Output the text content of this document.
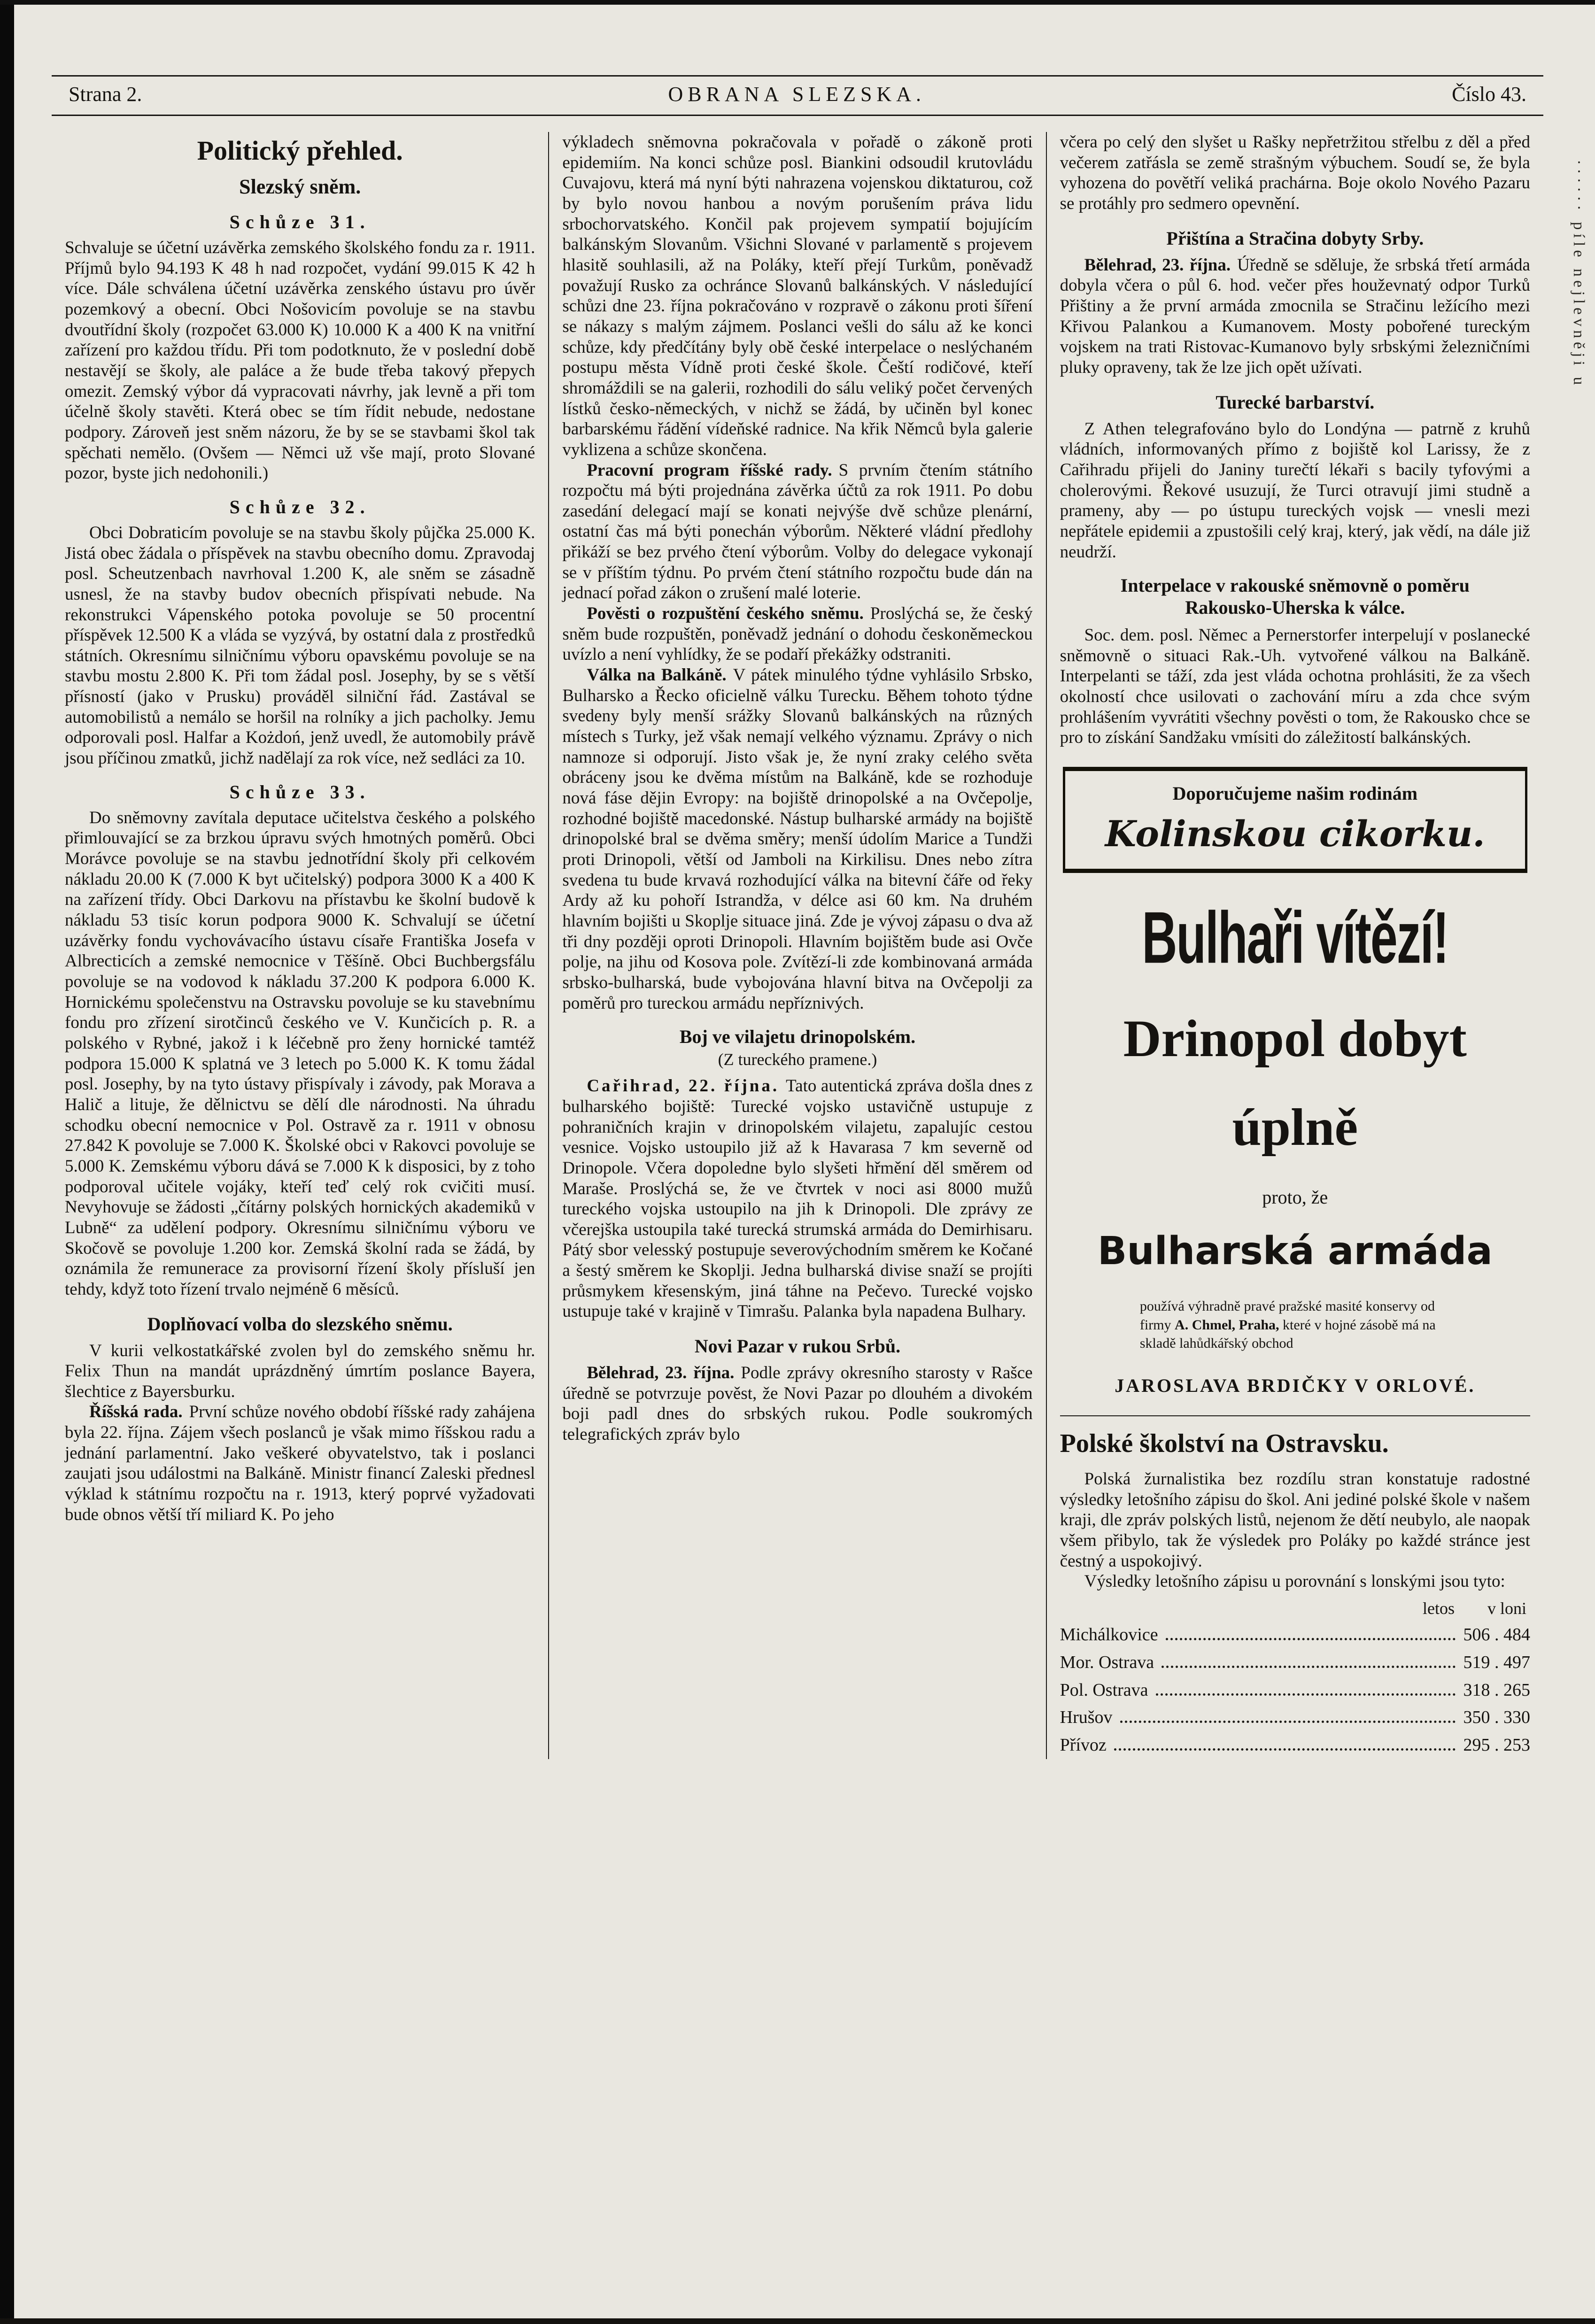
······ píle nejlevněji u
Strana 2.	OBRANA SLEZSKA.	Číslo 43.
Politický přehled.
Slezský sněm.
Schůze 31.

Schvaluje se účetní uzávěrka zemského školského fondu za r. 1911. Příjmů bylo 94.193 K 48 h nad rozpočet, vydání 99.015 K 42 h více. Dále schválena účetní uzávěrka zenského ústavu pro úvěr pozemkový a obecní. Obci Nošovicím povoluje se na stavbu dvoutřídní školy (rozpočet 63.000 K) 10.000 K a 400 K na vnitřní zařízení pro každou třídu. Při tom podotknuto, že v poslední době nestavějí se školy, ale paláce a že bude třeba takový přepych omezit. Zemský výbor dá vypracovati návrhy, jak levně a při tom účelně školy stavěti. Která obec se tím řídit nebude, nedostane podpory. Zároveň jest sněm názoru, že by se se stavbami škol tak spěchati nemělo. (Ovšem — Němci už vše mají, proto Slované pozor, byste jich nedohonili.)

Schůze 32.

Obci Dobraticím povoluje se na stavbu školy půjčka 25.000 K. Jistá obec žádala o příspěvek na stavbu obecního domu. Zpravodaj posl. Scheutzenbach navrhoval 1.200 K, ale sněm se zásadně usnesl, že na stavby budov obecních přispívati nebude. Na rekonstrukci Vápenského potoka povoluje se 50 procentní příspěvek 12.500 K a vláda se vyzývá, by ostatní dala z prostředků státních. Okresnímu silničnímu výboru opavskému povoluje se na stavbu mostu 2.800 K. Při tom žádal posl. Josephy, by se s větší přísností (jako v Prusku) prováděl silniční řád. Zastával se automobilistů a nemálo se horšil na rolníky a jich pacholky. Jemu odporovali posl. Halfar a Kożdoń, jenž uvedl, že automobily právě jsou příčinou zmatků, jichž nadělají za rok více, než sedláci za 10.

Schůze 33.

Do sněmovny zavítala deputace učitelstva českého a polského přimlouvající se za brzkou úpravu svých hmotných poměrů. Obci Morávce povoluje se na stavbu jednotřídní školy při celkovém nákladu 20.00 K (7.000 K byt učitelský) podpora 3000 K a 400 K na zařízení třídy. Obci Darkovu na přístavbu ke školní budově k nákladu 53 tisíc korun podpora 9000 K. Schvalují se účetní uzávěrky fondu vychovávacího ústavu císaře Františka Josefa v Albrecticích a zemské nemocnice v Těšíně. Obci Buchbergsfálu povoluje se na vodovod k nákladu 37.200 K podpora 6.000 K. Hornickému společenstvu na Ostravsku povoluje se ku stavebnímu fondu pro zřízení sirotčinců českého ve V. Kunčicích p. R. a polského v Rybné, jakož i k léčebně pro ženy hornické tamtéž podpora 15.000 K splatná ve 3 letech po 5.000 K. K tomu žádal posl. Josephy, by na tyto ústavy přispívaly i závody, pak Morava a Halič a lituje, že dělnictvu se dělí dle národnosti. Na úhradu schodku obecní nemocnice v Pol. Ostravě za r. 1911 v obnosu 27.842 K povoluje se 7.000 K. Školské obci v Rakovci povoluje se 5.000 K. Zemskému výboru dává se 7.000 K k disposici, by z toho podporoval učitele vojáky, kteří teď celý rok cvičiti musí. Nevyhovuje se žádosti „čítárny polských hornických akademiků v Lubně“ za udělení podpory. Okresnímu silničnímu výboru ve Skočově se povoluje 1.200 kor. Zemská školní rada se žádá, by oznámila že remunerace za provisorní řízení školy přísluší jen tehdy, když toto řízení trvalo nejméně 6 měsíců.

Doplňovací volba do slezského sněmu.

V kurii velkostatkářské zvolen byl do zemského sněmu hr. Felix Thun na mandát uprázdněný úmrtím poslance Bayera, šlechtice z Bayersburku.

Říšská rada. První schůze nového období říšské rady zahájena byla 22. října. Zájem všech poslanců je však mimo říšskou radu a jednání parlamentní. Jako veškeré obyvatelstvo, tak i poslanci zaujati jsou událostmi na Balkáně. Ministr financí Zaleski přednesl výklad k státnímu rozpočtu na r. 1913, který poprvé vyžadovati bude obnos větší tří miliard K. Po jeho

výkladech sněmovna pokračovala v pořadě o zákoně proti epidemiím. Na konci schůze posl. Biankini odsoudil krutovládu Cuvajovu, která má nyní býti nahrazena vojenskou diktaturou, což by bylo novou hanbou a novým porušením práva lidu srbochorvatského. Končil pak projevem sympatií bojujícím balkánským Slovanům. Všichni Slované v parlamentě s projevem hlasitě souhlasili, až na Poláky, kteří přejí Turkům, poněvadž považují Rusko za ochránce Slovanů balkánských. V následující schůzi dne 23. října pokračováno v rozpravě o zákonu proti šíření se nákazy s malým zájmem. Poslanci vešli do sálu až ke konci schůze, kdy předčítány byly obě české interpelace o neslýchaném postupu města Vídně proti české škole. Čeští rodičové, kteří shromáždili se na galerii, rozhodili do sálu veliký počet červených lístků česko-německých, v nichž se žádá, by učiněn byl konec barbarskému řádění vídeňské radnice. Na křik Němců byla galerie vyklizena a schůze skončena.

Pracovní program říšské rady. S prvním čtením státního rozpočtu má býti projednána závěrka účtů za rok 1911. Po dobu zasedání delegací mají se konati nejvýše dvě schůze plenární, ostatní čas má býti ponechán výborům. Některé vládní předlohy přikáží se bez prvého čtení výborům. Volby do delegace vykonají se v příštím týdnu. Po prvém čtení státního rozpočtu bude dán na jednací pořad zákon o zrušení malé loterie.

Pověsti o rozpuštění českého sněmu. Proslýchá se, že český sněm bude rozpuštěn, poněvadž jednání o dohodu českoněmeckou uvízlo a není vyhlídky, že se podaří překážky odstraniti.

Válka na Balkáně. V pátek minulého týdne vyhlásilo Srbsko, Bulharsko a Řecko oficielně válku Turecku. Během tohoto týdne svedeny byly menší srážky Slovanů balkánských na různých místech s Turky, jež však nemají velkého významu. Zprávy o nich namnoze si odporují. Jisto však je, že nyní zraky celého světa obráceny jsou ke dvěma místům na Balkáně, kde se rozhoduje nová fáse dějin Evropy: na bojiště drinopolské a na Ovčepolje, rozhodné bojiště macedonské. Nástup bulharské armády na bojiště drinopolské bral se dvěma směry; menší údolím Marice a Tundži proti Drinopoli, větší od Jamboli na Kirkilisu. Dnes nebo zítra svedena tu bude krvavá rozhodující válka na bitevní čáře od řeky Ardy až ku pohoří Istrandža, v délce asi 60 km. Na druhém hlavním bojišti u Skoplje situace jiná. Zde je vývoj zápasu o dva až tři dny později oproti Drinopoli. Hlavním bojištěm bude asi Ovče polje, na jihu od Kosova pole. Zvítězí-li zde kombinovaná armáda srbsko-bulharská, bude vybojována hlavní bitva na Ovčepolji za poměrů pro tureckou armádu nepříznivých.

Boj ve vilajetu drinopolském.
(Z tureckého pramene.)

Cařihrad, 22. října. Tato autentická zpráva došla dnes z bulharského bojiště: Turecké vojsko ustavičně ustupuje z pohraničních krajin v drinopolském vilajetu, zapalujíc cestou vesnice. Vojsko ustoupilo již až k Havarasa 7 km severně od Drinopole. Včera dopoledne bylo slyšeti hřmění děl směrem od Maraše. Proslýchá se, že ve čtvrtek v noci asi 8000 mužů tureckého vojska ustoupilo na jih k Drinopoli. Dle zprávy ze včerejška ustoupila také turecká strumská armáda do Demirhisaru. Pátý sbor velesský postupuje severovýchodním směrem ke Kočané a šestý směrem ke Skoplji. Jedna bulharská divise snaží se projíti průsmykem křesenským, jiná táhne na Pečevo. Turecké vojsko ustupuje také v krajině v Timrašu. Palanka byla napadena Bulhary.

Novi Pazar v rukou Srbů.

Bělehrad, 23. října. Podle zprávy okresního starosty v Rašce úředně se potvrzuje pověst, že Novi Pazar po dlouhém a divokém boji padl dnes do srbských rukou. Podle soukromých telegrafických zpráv bylo

včera po celý den slyšet u Rašky nepřetržitou střelbu z děl a před večerem zatřásla se země strašným výbuchem. Soudí se, že byla vyhozena do povětří veliká prachárna. Boje okolo Nového Pazaru se protáhly pro sedmero opevnění.

Přištína a Stračina dobyty Srby.

Bělehrad, 23. října. Úředně se sděluje, že srbská třetí armáda dobyla včera o půl 6. hod. večer přes houževnatý odpor Turků Přištiny a že první armáda zmocnila se Stračinu ležícího mezi Křivou Palankou a Kumanovem. Mosty pobořené tureckým vojskem na trati Ristovac-Kumanovo byly srbskými železničními pluky opraveny, tak že lze jich opět užívati.

Turecké barbarství.

Z Athen telegrafováno bylo do Londýna — patrně z kruhů vládních, informovaných přímo z bojiště kol Larissy, že z Cařihradu přijeli do Janiny turečtí lékaři s bacily tyfovými a cholerovými. Řekové usuzují, že Turci otravují jimi studně a prameny, aby — po ústupu tureckých vojsk — vnesli mezi nepřátele epidemii a zpustošili celý kraj, který, jak vědí, na dále již neudrží.

Interpelace v rakouské sněmovně o poměru
Rakousko-Uherska k válce.

Soc. dem. posl. Němec a Pernerstorfer interpelují v poslanecké sněmovně o situaci Rak.-Uh. vytvořené válkou na Balkáně. Interpelanti se táží, zda jest vláda ochotna prohlásiti, že za všech okolností chce usilovati o zachování míru a zda chce svým prohlášením vyvrátiti všechny pověsti o tom, že Rakousko chce se pro to získání Sandžaku vmísiti do záležitostí balkánských.

Doporučujeme našim rodinám
Kolinskou cikorku.
Bulhaři vítězí!
Drinopol dobyt
úplně
proto, že
Bulharská armáda

používá výhradně pravé pražské masité konservy od firmy A. Chmel, Praha, které v hojné zásobě má na skladě lahůdkářský obchod

JAROSLAVA BRDIČKY V ORLOVÉ.
Polské školství na Ostravsku.

Polská žurnalistika bez rozdílu stran konstatuje radostné výsledky letošního zápisu do škol. Ani jediné polské škole v našem kraji, dle zpráv polských listů, nejenom že dětí neubylo, ale naopak všem přibylo, tak že výsledek pro Poláky po každé stránce jest čestný a uspokojivý.

Výsledky letošního zápisu u porovnání s lonskými jsou tyto:

letos v loni
Michálkovice	506 . 484
Mor. Ostrava	519 . 497
Pol. Ostrava	318 . 265
Hrušov	350 . 330
Přívoz	295 . 253
